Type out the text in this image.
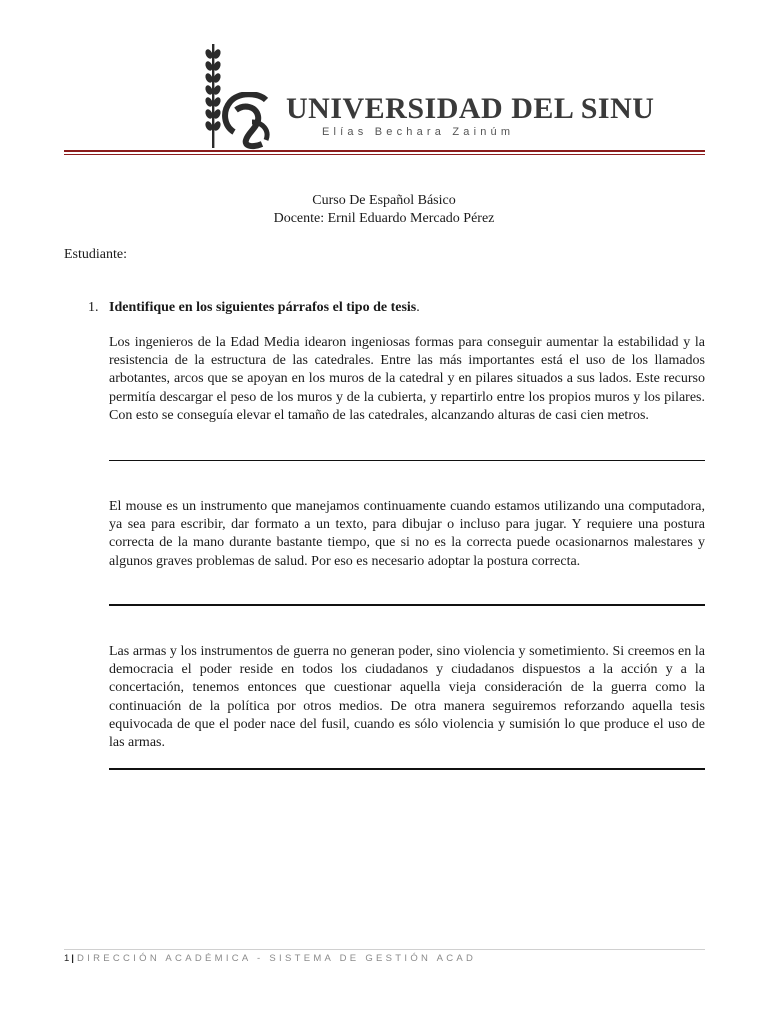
UNIVERSIDAD DEL SINU
Elías Bechara Zainúm
Curso De Español Básico
Docente: Ernil Eduardo Mercado Pérez
Estudiante:
1. Identifique en los siguientes párrafos el tipo de tesis.
Los ingenieros de la Edad Media idearon ingeniosas formas para conseguir aumentar la estabilidad y la resistencia de la estructura de las catedrales. Entre las más importantes está el uso de los llamados arbotantes, arcos que se apoyan en los muros de la catedral y en pilares situados a sus lados. Este recurso permitía descargar el peso de los muros y de la cubierta, y repartirlo entre los propios muros y los pilares. Con esto se conseguía elevar el tamaño de las catedrales, alcanzando alturas de casi cien metros.
El mouse es un instrumento que manejamos continuamente cuando estamos utilizando una computadora, ya sea para escribir, dar formato a un texto, para dibujar o incluso para jugar. Y requiere una postura correcta de la mano durante bastante tiempo, que si no es la correcta puede ocasionarnos malestares y algunos graves problemas de salud. Por eso es necesario adoptar la postura correcta.
Las armas y los instrumentos de guerra no generan poder, sino violencia y sometimiento. Si creemos en la democracia el poder reside en todos los ciudadanos y ciudadanos dispuestos a la acción y a la concertación, tenemos entonces que cuestionar aquella vieja consideración de la guerra como la continuación de la política por otros medios. De otra manera seguiremos reforzando aquella tesis equivocada de que el poder nace del fusil, cuando es sólo violencia y sumisión lo que produce el uso de las armas.
1 | DIRECCIÓN ACADÉMICA - SISTEMA DE GESTIÓN ACAD
